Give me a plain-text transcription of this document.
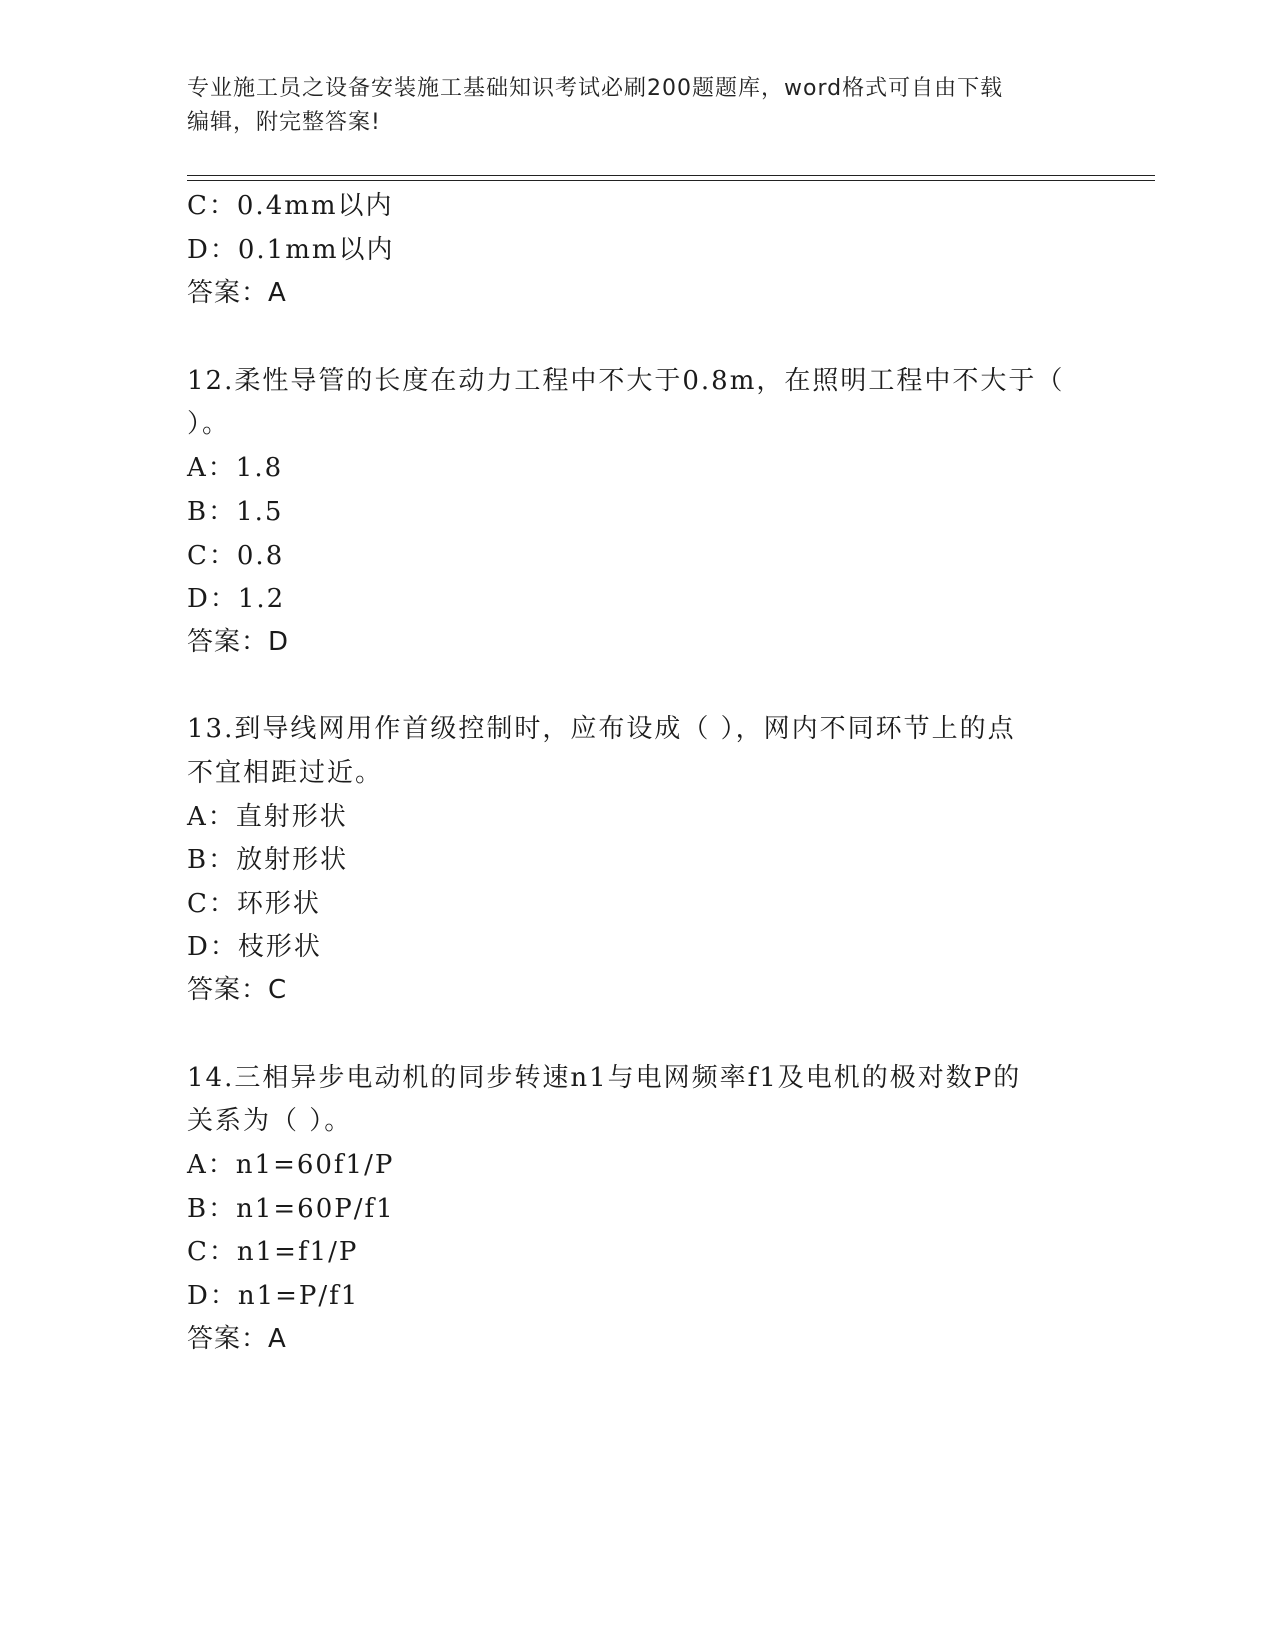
专业施工员之设备安装施工基础知识考试必刷200题题库，word格式可自由下载
编辑，附完整答案!
C：0.4mm以内
D：0.1mm以内
答案：A
12.柔性导管的长度在动力工程中不大于0.8m，在照明工程中不大于（
）。
A：1.8
B：1.5
C：0.8
D：1.2
答案：D
13.到导线网用作首级控制时，应布设成（ ），网内不同环节上的点
不宜相距过近。
A：直射形状
B：放射形状
C：环形状
D：枝形状
答案：C
14.三相异步电动机的同步转速n1与电网频率f1及电机的极对数P的
关系为（ ）。
A：n1=60f1/P
B：n1=60P/f1
C：n1=f1/P
D：n1=P/f1
答案：A
